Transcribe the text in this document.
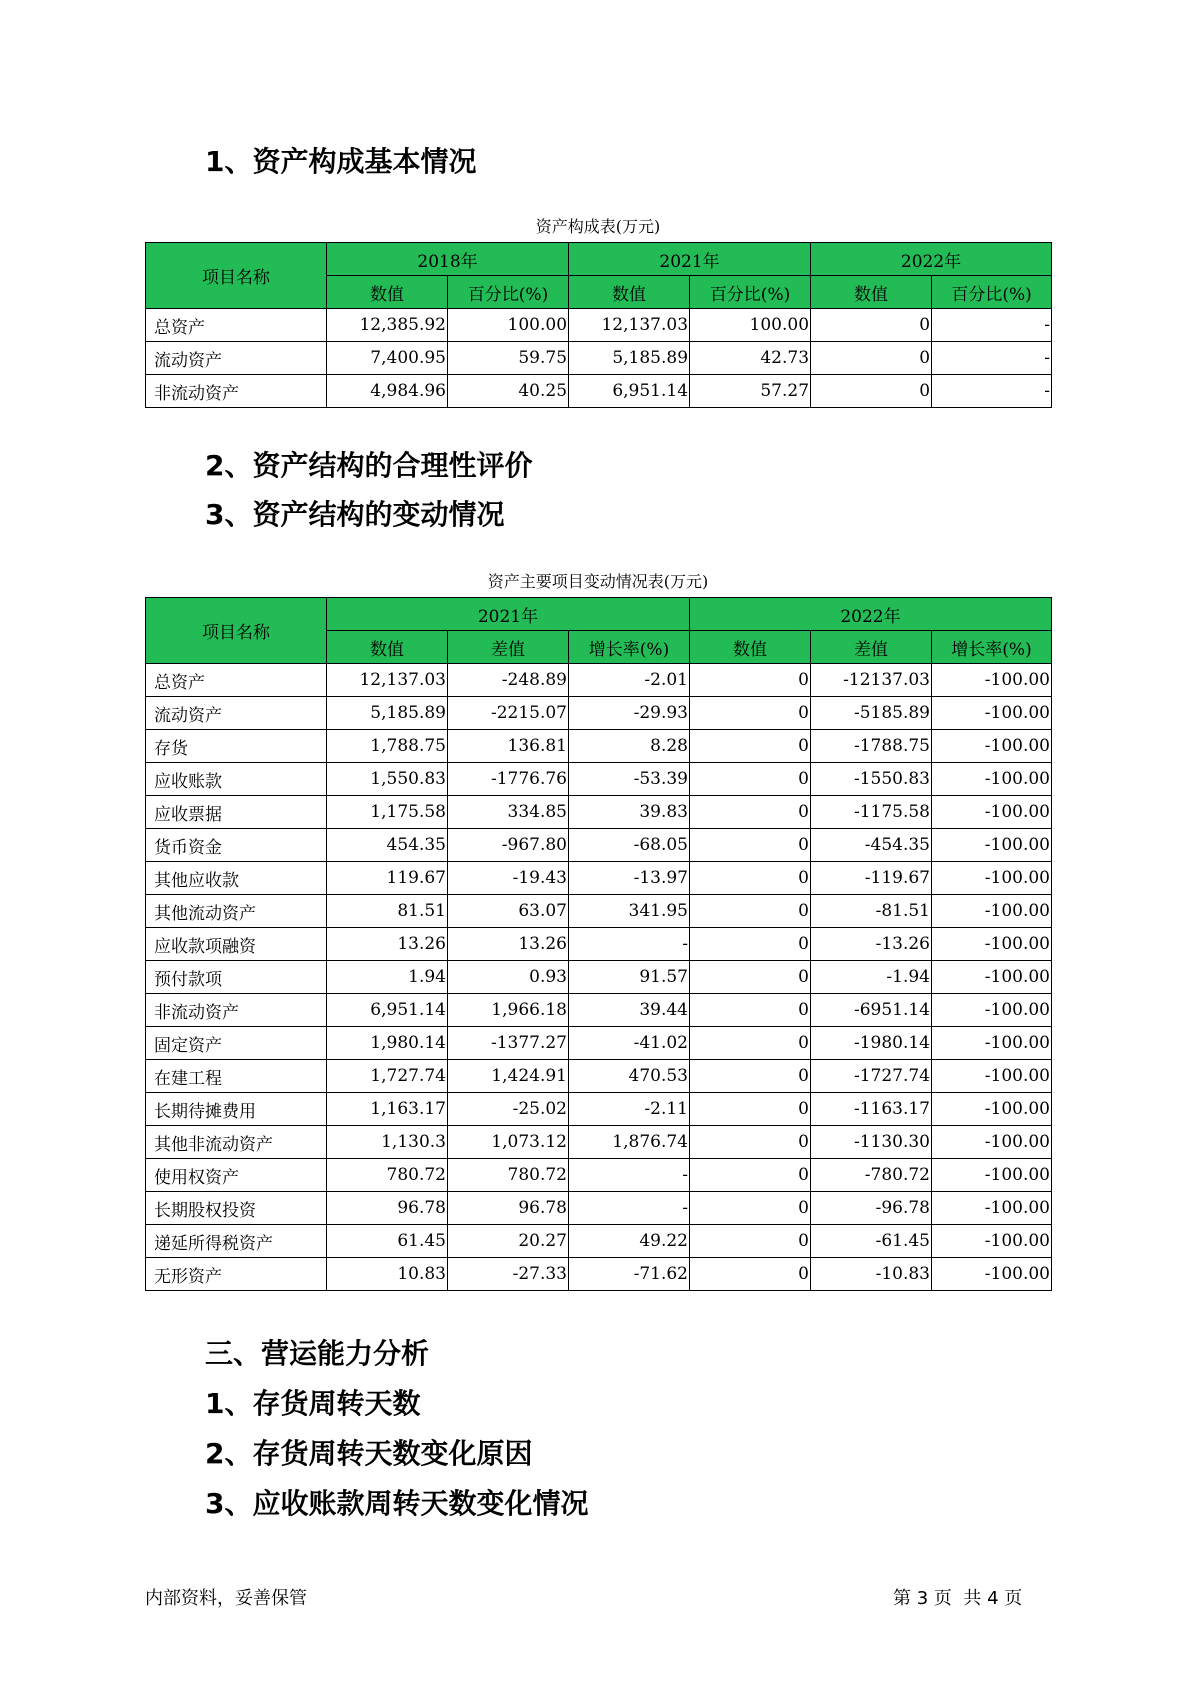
1、资产构成基本情况

资产构成表(万元)

项目名称	2018年		2021年		2022年	
	数值	百分比(%)	数值	百分比(%)	数值	百分比(%)
总资产	12,385.92	100.00	12,137.03	100.00	0	-
流动资产	7,400.95	59.75	5,185.89	42.73	0	-
非流动资产	4,984.96	40.25	6,951.14	57.27	0	-
2、资产结构的合理性评价
3、资产结构的变动情况

资产主要项目变动情况表(万元)

项目名称	2021年			2022年		
	数值	差值	增长率(%)	数值	差值	增长率(%)
总资产	12,137.03	-248.89	-2.01	0	-12137.03	-100.00
流动资产	5,185.89	-2215.07	-29.93	0	-5185.89	-100.00
存货	1,788.75	136.81	8.28	0	-1788.75	-100.00
应收账款	1,550.83	-1776.76	-53.39	0	-1550.83	-100.00
应收票据	1,175.58	334.85	39.83	0	-1175.58	-100.00
货币资金	454.35	-967.80	-68.05	0	-454.35	-100.00
其他应收款	119.67	-19.43	-13.97	0	-119.67	-100.00
其他流动资产	81.51	63.07	341.95	0	-81.51	-100.00
应收款项融资	13.26	13.26	-	0	-13.26	-100.00
预付款项	1.94	0.93	91.57	0	-1.94	-100.00
非流动资产	6,951.14	1,966.18	39.44	0	-6951.14	-100.00
固定资产	1,980.14	-1377.27	-41.02	0	-1980.14	-100.00
在建工程	1,727.74	1,424.91	470.53	0	-1727.74	-100.00
长期待摊费用	1,163.17	-25.02	-2.11	0	-1163.17	-100.00
其他非流动资产	1,130.3	1,073.12	1,876.74	0	-1130.30	-100.00
使用权资产	780.72	780.72	-	0	-780.72	-100.00
长期股权投资	96.78	96.78	-	0	-96.78	-100.00
递延所得税资产	61.45	20.27	49.22	0	-61.45	-100.00
无形资产	10.83	-27.33	-71.62	0	-10.83	-100.00
三、营运能力分析
1、存货周转天数
2、存货周转天数变化原因
3、应收账款周转天数变化情况
内部资料，妥善保管	第 3 页  共 4 页
